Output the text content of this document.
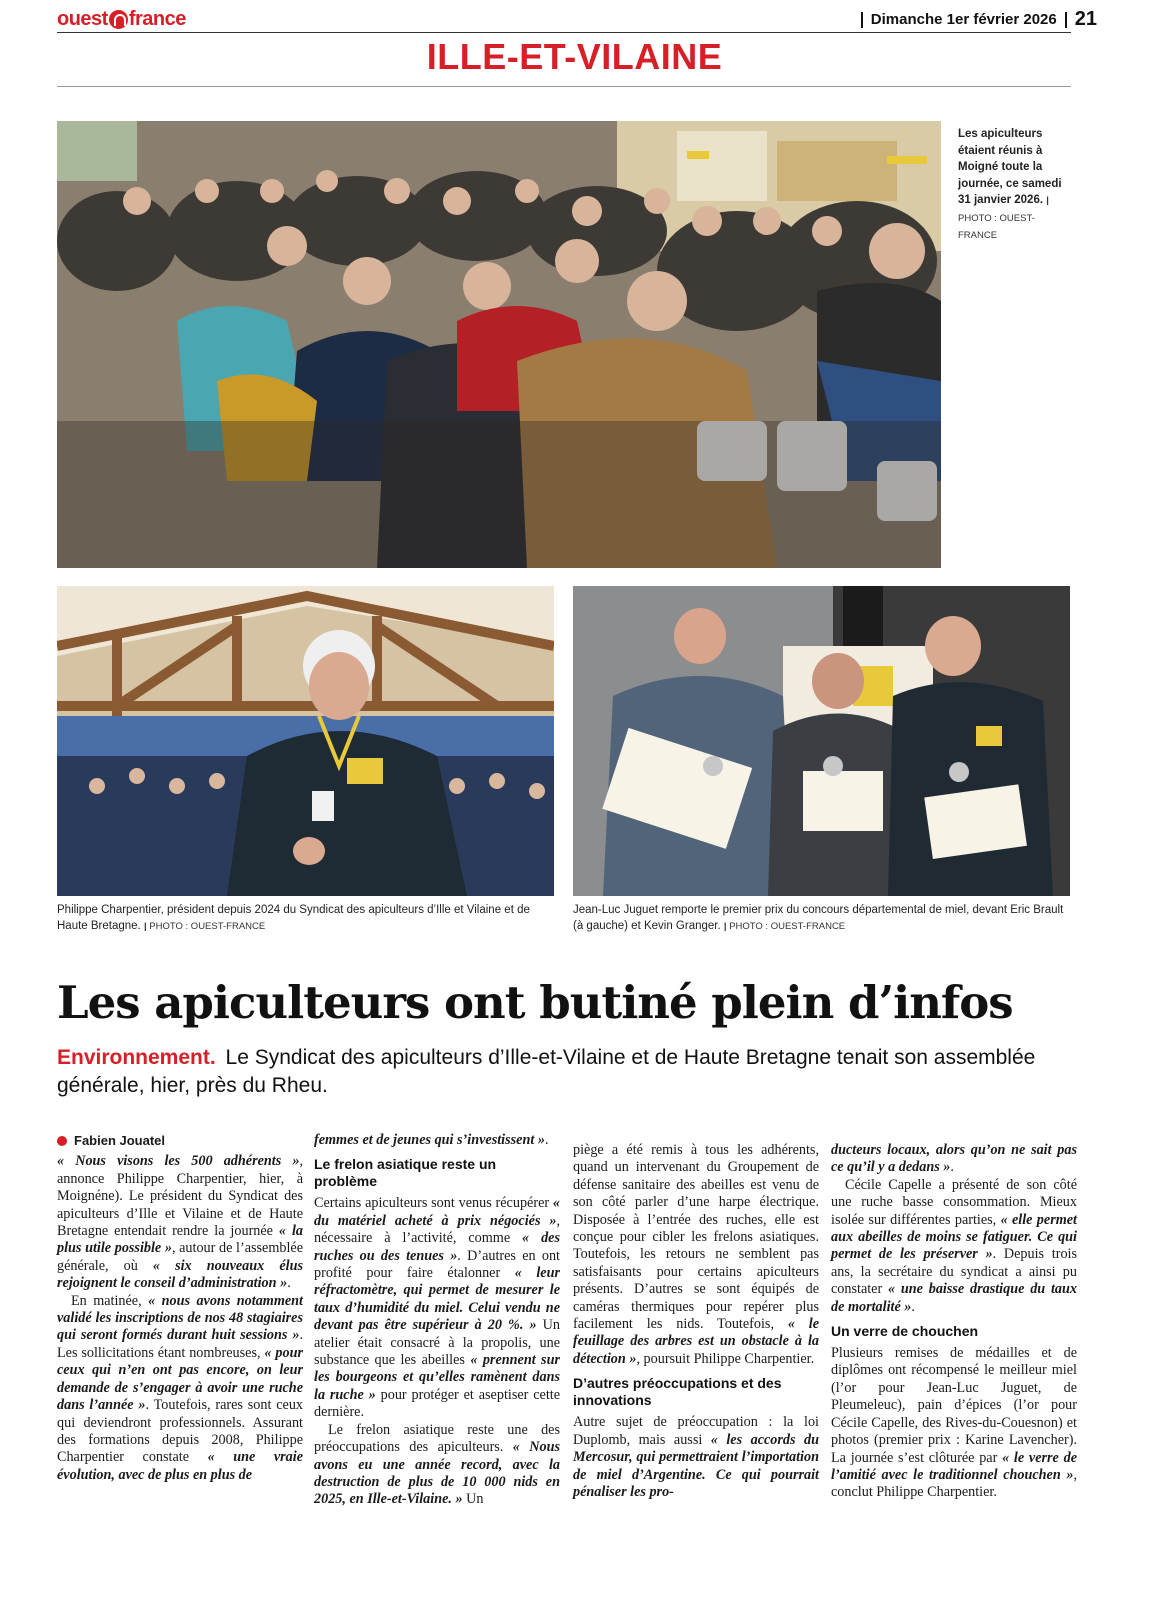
ouest france	Dimanche 1er février 2026 21
ILLE-ET-VILAINE
Les apiculteurs étaient réunis à Moigné toute la journée, ce samedi 31 janvier 2026. | PHOTO : OUEST-FRANCE
Philippe Charpentier, président depuis 2024 du Syndicat des apiculteurs d’Ille et Vilaine et de Haute Bretagne. | PHOTO : OUEST-FRANCE
Jean-Luc Juguet remporte le premier prix du concours départemental de miel, devant Eric Brault (à gauche) et Kevin Granger. | PHOTO : OUEST-FRANCE
Les apiculteurs ont butiné plein d’infos
Environnement. Le Syndicat des apiculteurs d’Ille-et-Vilaine et de Haute Bretagne tenait son assemblée générale, hier, près du Rheu.
Fabien Jouatel

« Nous visons les 500 adhérents », annonce Philippe Charpentier, hier, à Moignéne). Le président du Syndicat des apiculteurs d’Ille et Vilaine et de Haute Bretagne entendait rendre la journée « la plus utile possible », autour de l’assemblée générale, où « six nouveaux élus rejoignent le conseil d’administration ».

En matinée, « nous avons notamment validé les inscriptions de nos 48 stagiaires qui seront formés durant huit sessions ». Les sollicitations étant nombreuses, « pour ceux qui n’en ont pas encore, on leur demande de s’engager à avoir une ruche dans l’année ». Toutefois, rares sont ceux qui deviendront professionnels. Assurant des formations depuis 2008, Philippe Charpentier constate « une vraie évolution, avec de plus en plus de

femmes et de jeunes qui s’investissent ».

Le frelon asiatique reste un problème

Certains apiculteurs sont venus récupérer « du matériel acheté à prix négociés », nécessaire à l’activité, comme « des ruches ou des tenues ». D’autres en ont profité pour faire étalonner « leur réfractomètre, qui permet de mesurer le taux d’humidité du miel. Celui vendu ne devant pas être supérieur à 20 %. » Un atelier était consacré à la propolis, une substance que les abeilles « prennent sur les bourgeons et qu’elles ramènent dans la ruche » pour protéger et aseptiser cette dernière.

Le frelon asiatique reste une des préoccupations des apiculteurs. « Nous avons eu une année record, avec la destruction de plus de 10 000 nids en 2025, en Ille-et-Vilaine. » Un

piège a été remis à tous les adhérents, quand un intervenant du Groupement de défense sanitaire des abeilles est venu de son côté parler d’une harpe électrique. Disposée à l’entrée des ruches, elle est conçue pour cibler les frelons asiatiques. Toutefois, les retours ne semblent pas satisfaisants pour certains apiculteurs présents. D’autres se sont équipés de caméras thermiques pour repérer plus facilement les nids. Toutefois, « le feuillage des arbres est un obstacle à la détection », poursuit Philippe Charpentier.

D’autres préoccupations et des innovations

Autre sujet de préoccupation : la loi Duplomb, mais aussi « les accords du Mercosur, qui permettraient l’importation de miel d’Argentine. Ce qui pourrait pénaliser les pro-

ducteurs locaux, alors qu’on ne sait pas ce qu’il y a dedans ».

Cécile Capelle a présenté de son côté une ruche basse consommation. Mieux isolée sur différentes parties, « elle permet aux abeilles de moins se fatiguer. Ce qui permet de les préserver ». Depuis trois ans, la secrétaire du syndicat a ainsi pu constater « une baisse drastique du taux de mortalité ».

Un verre de chouchen

Plusieurs remises de médailles et de diplômes ont récompensé le meilleur miel (l’or pour Jean-Luc Juguet, de Pleumeleuc), pain d’épices (l’or pour Cécile Capelle, des Rives-du-Couesnon) et photos (premier prix : Karine Lavencher). La journée s’est clôturée par « le verre de l’amitié avec le traditionnel chouchen », conclut Philippe Charpentier.
